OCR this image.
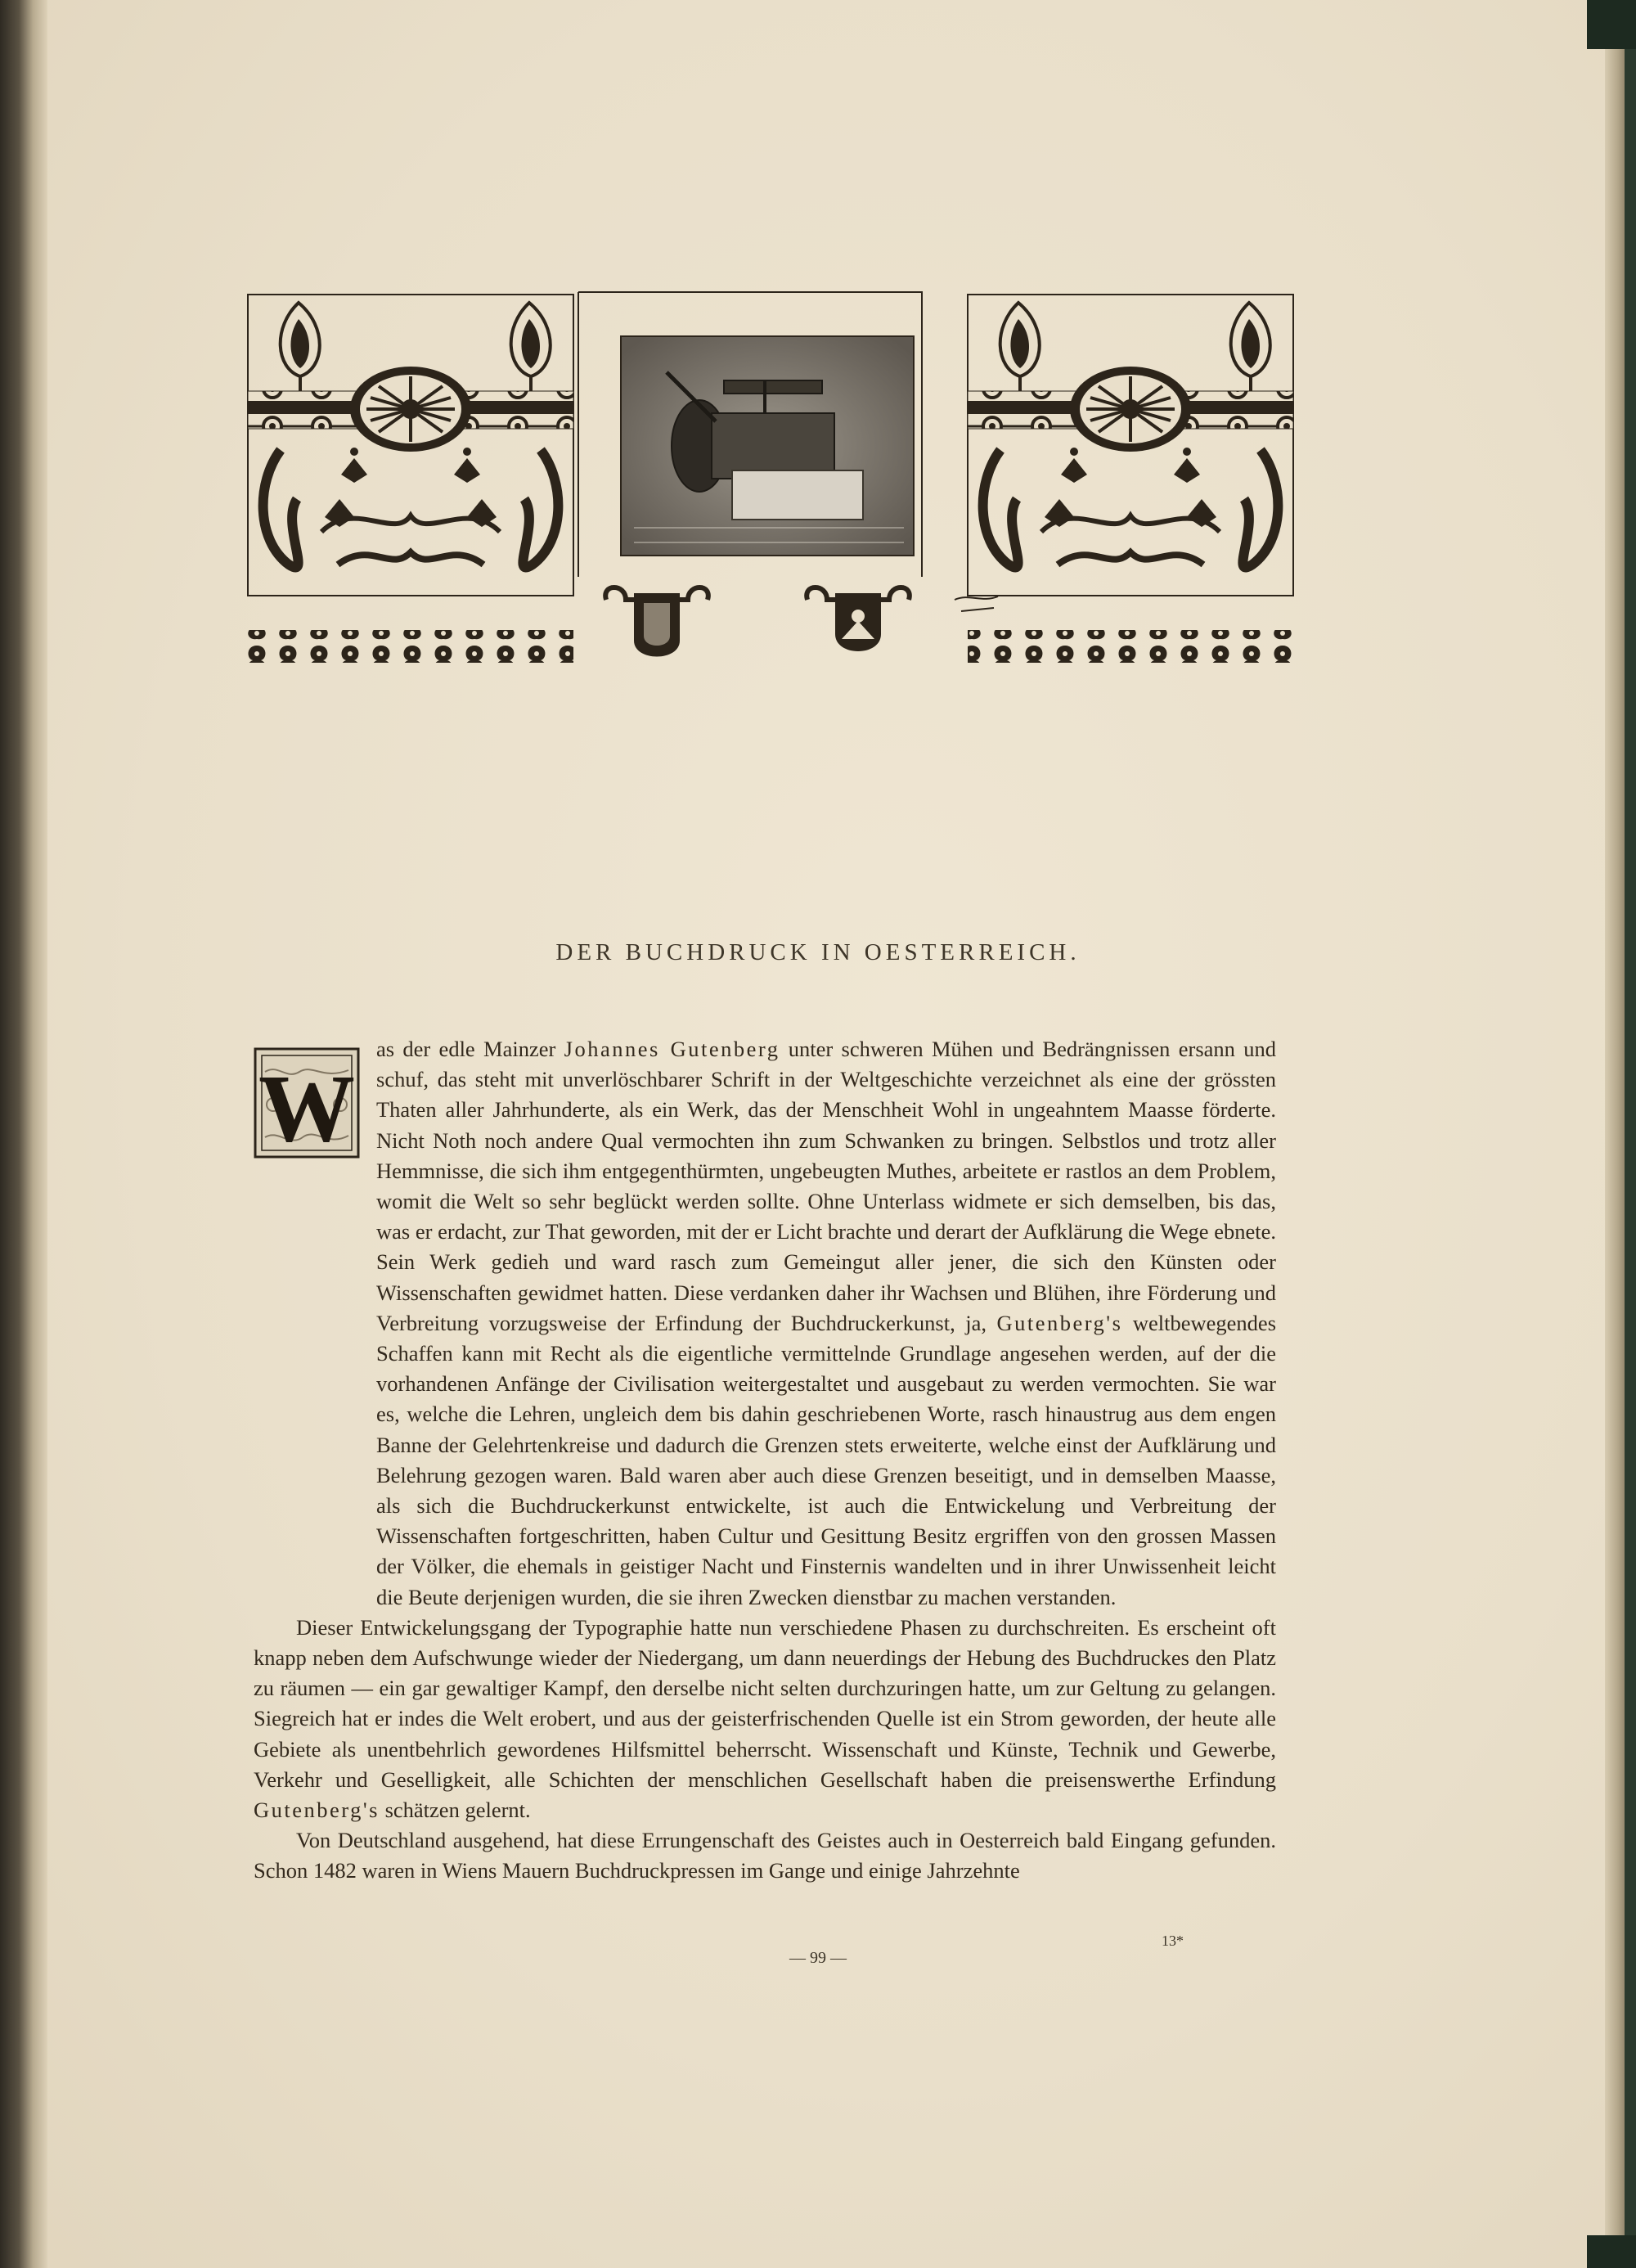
DER BUCHDRUCK IN OESTERREICH.
W

as der edle Mainzer Johannes Gutenberg unter schweren Mühen und Bedrängnissen ersann und schuf, das steht mit unverlöschbarer Schrift in der Weltgeschichte verzeichnet als eine der grössten Thaten aller Jahrhunderte, als ein Werk, das der Menschheit Wohl in ungeahntem Maasse förderte. Nicht Noth noch andere Qual vermochten ihn zum Schwanken zu bringen. Selbstlos und trotz aller Hemmnisse, die sich ihm entgegenthürmten, ungebeugten Muthes, arbeitete er rastlos an dem Problem, womit die Welt so sehr beglückt werden sollte. Ohne Unterlass widmete er sich demselben, bis das, was er erdacht, zur That geworden, mit der er Licht brachte und derart der Aufklärung die Wege ebnete. Sein Werk gedieh und ward rasch zum Gemeingut aller jener, die sich den Künsten oder Wissenschaften gewidmet hatten. Diese verdanken daher ihr Wachsen und Blühen, ihre Förderung und Verbreitung vorzugsweise der Erfindung der Buchdruckerkunst, ja, Gutenberg's weltbewegendes Schaffen kann mit Recht als die eigentliche vermittelnde Grundlage angesehen werden, auf der die vorhandenen Anfänge der Civilisation weitergestaltet und ausgebaut zu werden vermochten. Sie war es, welche die Lehren, ungleich dem bis dahin geschriebenen Worte, rasch hinaustrug aus dem engen Banne der Gelehrtenkreise und dadurch die Grenzen stets erweiterte, welche einst der Aufklärung und Belehrung gezogen waren. Bald waren aber auch diese Grenzen beseitigt, und in demselben Maasse, als sich die Buchdruckerkunst entwickelte, ist auch die Entwickelung und Verbreitung der Wissenschaften fortgeschritten, haben Cultur und Gesittung Besitz ergriffen von den grossen Massen der Völker, die ehemals in geistiger Nacht und Finsternis wandelten und in ihrer Unwissenheit leicht die Beute derjenigen wurden, die sie ihren Zwecken dienstbar zu machen verstanden.

Dieser Entwickelungsgang der Typographie hatte nun verschiedene Phasen zu durchschreiten. Es erscheint oft knapp neben dem Aufschwunge wieder der Niedergang, um dann neuerdings der Hebung des Buchdruckes den Platz zu räumen — ein gar gewaltiger Kampf, den derselbe nicht selten durchzuringen hatte, um zur Geltung zu gelangen. Siegreich hat er indes die Welt erobert, und aus der geisterfrischenden Quelle ist ein Strom geworden, der heute alle Gebiete als unentbehrlich gewordenes Hilfsmittel beherrscht. Wissenschaft und Künste, Technik und Gewerbe, Verkehr und Geselligkeit, alle Schichten der menschlichen Gesellschaft haben die preisenswerthe Erfindung Gutenberg's schätzen gelernt.

Von Deutschland ausgehend, hat diese Errungenschaft des Geistes auch in Oesterreich bald Eingang gefunden. Schon 1482 waren in Wiens Mauern Buchdruckpressen im Gange und einige Jahrzehnte

13*
— 99 —
